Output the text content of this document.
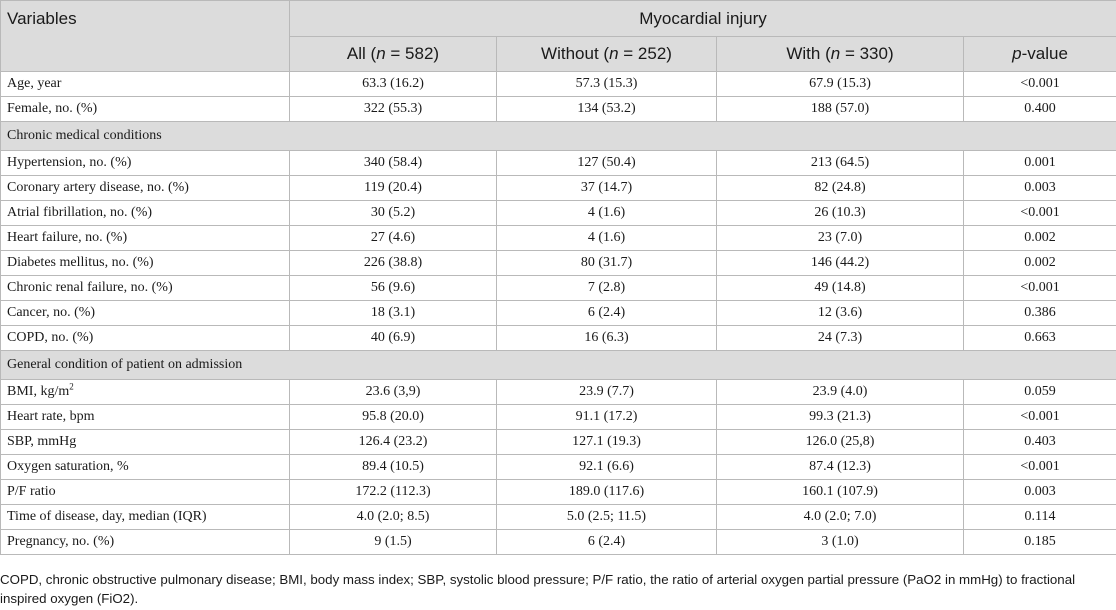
Variables	Myocardial injury			
	All (n = 582)	Without (n = 252)	With (n = 330)	p-value
Age, year	63.3 (16.2)	57.3 (15.3)	67.9 (15.3)	<0.001
Female, no. (%)	322 (55.3)	134 (53.2)	188 (57.0)	0.400
Chronic medical conditions				
Hypertension, no. (%)	340 (58.4)	127 (50.4)	213 (64.5)	0.001
Coronary artery disease, no. (%)	119 (20.4)	37 (14.7)	82 (24.8)	0.003
Atrial fibrillation, no. (%)	30 (5.2)	4 (1.6)	26 (10.3)	<0.001
Heart failure, no. (%)	27 (4.6)	4 (1.6)	23 (7.0)	0.002
Diabetes mellitus, no. (%)	226 (38.8)	80 (31.7)	146 (44.2)	0.002
Chronic renal failure, no. (%)	56 (9.6)	7 (2.8)	49 (14.8)	<0.001
Cancer, no. (%)	18 (3.1)	6 (2.4)	12 (3.6)	0.386
COPD, no. (%)	40 (6.9)	16 (6.3)	24 (7.3)	0.663
General condition of patient on admission				
BMI, $kg/m^2$	23.6 (3,9)	23.9 (7.7)	23.9 (4.0)	0.059
Heart rate, bpm	95.8 (20.0)	91.1 (17.2)	99.3 (21.3)	<0.001
SBP, mmHg	126.4 (23.2)	127.1 (19.3)	126.0 (25,8)	0.403
Oxygen saturation, %	89.4 (10.5)	92.1 (6.6)	87.4 (12.3)	<0.001
P/F ratio	172.2 (112.3)	189.0 (117.6)	160.1 (107.9)	0.003
Time of disease, day, median (IQR)	4.0 (2.0; 8.5)	5.0 (2.5; 11.5)	4.0 (2.0; 7.0)	0.114
Pregnancy, no. (%)	9 (1.5)	6 (2.4)	3 (1.0)	0.185
COPD, chronic obstructive pulmonary disease; BMI, body mass index; SBP, systolic blood pressure; P/F ratio, the ratio of arterial oxygen partial pressure (PaO2 in mmHg) to fractional inspired oxygen (FiO2).
